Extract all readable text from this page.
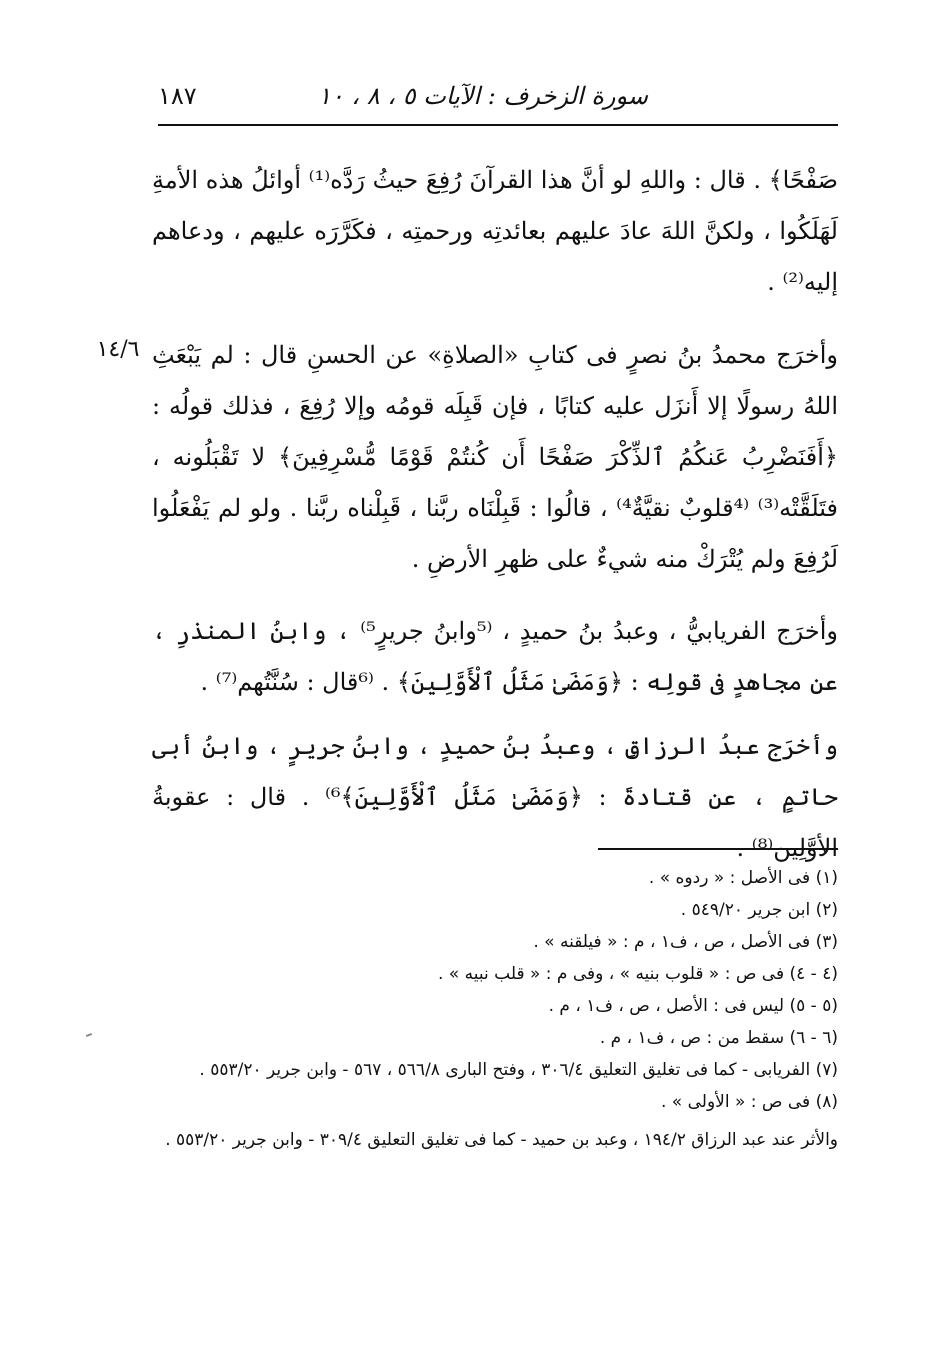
سورة الزخرف : الآيات ٥ ، ٨ ، ١٠
١٨٧
١٤/٦

صَفْحًا﴾ . قال : واللهِ لو أنَّ هذا القرآنَ رُفِعَ حيثُ رَدَّه⁽¹⁾ أوائلُ هذه الأمةِ لَهَلَكُوا ، ولكنَّ اللهَ عادَ عليهم بعائدتِه ورحمتِه ، فكَرَّرَه عليهم ، ودعاهم إليه⁽²⁾ .

وأخرَج محمدُ بنُ نصرٍ فى كتابِ «الصلاةِ» عن الحسنِ قال : لم يَبْعَثِ اللهُ رسولًا إلا أَنزَل عليه كتابًا ، فإن قَبِلَه قومُه وإلا رُفِعَ ، فذلك قولُه : ﴿أَفَنَضْرِبُ عَنكُمُ ٱلذِّكْرَ صَفْحًا أَن كُنتُمْ قَوْمًا مُّسْرِفِينَ﴾ لا تَقْبَلُونه ، فتَلَقَّتْه⁽³⁾ ⁽⁴قلوبٌ نقيَّةٌ⁴⁾ ، قالُوا : قَبِلْنَاه ربَّنا ، قَبِلْناه ربَّنا . ولو لم يَفْعَلُوا لَرُفِعَ ولم يُتْرَكْ منه شيءٌ على ظهرِ الأرضِ .

وأخرَج الفريابيُّ ، وعبدُ بنُ حميدٍ ، ⁽⁵وابنُ جريرٍ⁵⁾ ، وابنُ المنذرِ ، عن مجاهدٍ فى قولِه : ﴿وَمَضَىٰ مَثَلُ ٱلْأَوَّلِينَ﴾ . ⁽⁶قال : سُنَّتُهم⁽⁷⁾ .

وأخرَج عبدُ الرزاقِ ، وعبدُ بنُ حميدٍ ، وابنُ جريرٍ ، وابنُ أبى حاتمٍ ، عن قتادةَ : ﴿وَمَضَىٰ مَثَلُ ٱلْأَوَّلِينَ﴾⁶⁾ . قال : عقوبةُ الأوَّلِين⁽⁸⁾ .

(١) فى الأصل : « ردوه » .

(٢) ابن جرير ٥٤٩/٢٠ .

(٣) فى الأصل ، ص ، ف١ ، م : « فيلقنه » .

(٤ - ٤) فى ص : « قلوب بنيه » ، وفى م : « قلب نبيه » .

(٥ - ٥) ليس فى : الأصل ، ص ، ف١ ، م .

(٦ - ٦) سقط من : ص ، ف١ ، م .

(٧) الفريابى - كما فى تغليق التعليق ٣٠٦/٤ ، وفتح البارى ٥٦٦/٨ ، ٥٦٧ - وابن جرير ٥٥٣/٢٠ .

(٨) فى ص : « الأولى » .

والأثر عند عبد الرزاق ١٩٤/٢ ، وعبد بن حميد - كما فى تغليق التعليق ٣٠٩/٤ - وابن جرير ٥٥٣/٢٠ .
